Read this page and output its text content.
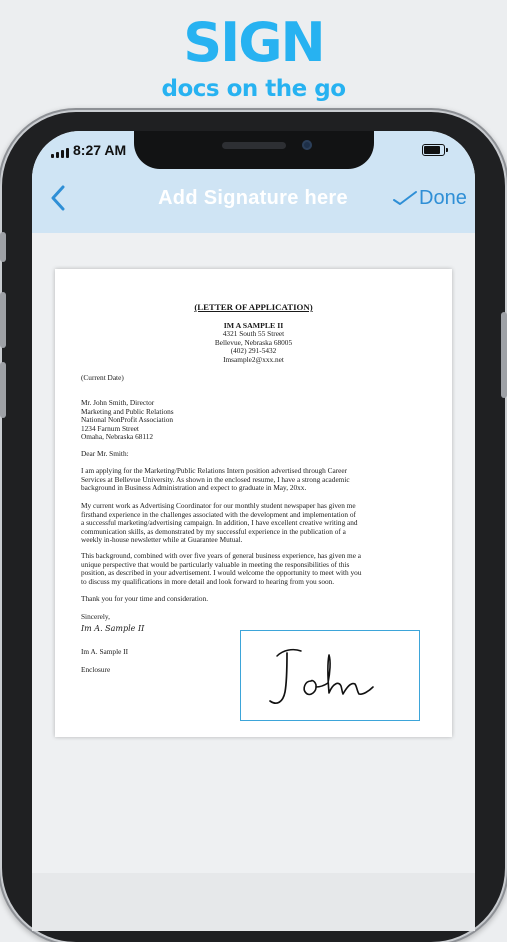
SIGN
docs on the go
8:27 AM
Add Signature here	Done
(LETTER OF APPLICATION)
IM A SAMPLE II
4321 South 55 Street
Bellevue, Nebraska 68005
(402) 291-5432
Imsample2@xxx.net
(Current Date)
Mr. John Smith, Director
Marketing and Public Relations
National NonProfit Association
1234 Farnum Street
Omaha, Nebraska 68112
Dear Mr. Smith:
I am applying for the Marketing/Public Relations Intern position advertised through Career
Services at Bellevue University. As shown in the enclosed resume, I have a strong academic
background in Business Administration and expect to graduate in May, 20xx.
My current work as Advertising Coordinator for our monthly student newspaper has given me
firsthand experience in the challenges associated with the development and implementation of
a successful marketing/advertising campaign. In addition, I have excellent creative writing and
communication skills, as demonstrated by my successful experience in the publication of a
weekly in-house newsletter while at Guarantee Mutual.
This background, combined with over five years of general business experience, has given me a
unique perspective that would be particularly valuable in meeting the responsibilities of this
position, as described in your advertisement. I would welcome the opportunity to meet with you
to discuss my qualifications in more detail and look forward to hearing from you soon.
Thank you for your time and consideration.
Sincerely,
Im A. Sample II
Im A. Sample II
Enclosure
